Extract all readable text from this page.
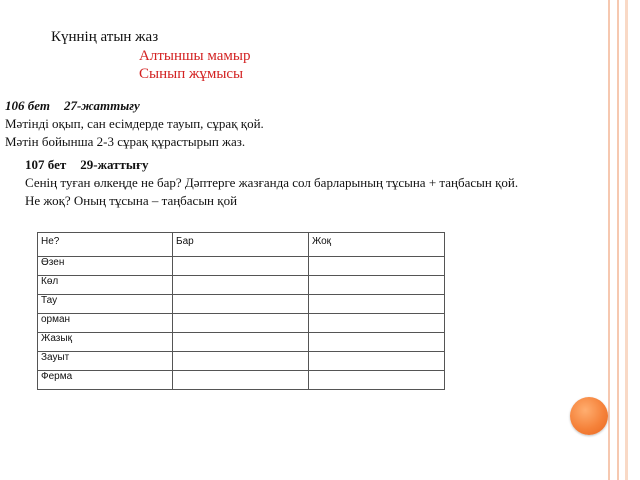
Күннің атын жаз
Алтыншы мамыр
Сынып жұмысы
106 бет 27-жаттығу
Мәтінді оқып, сан есімдерде тауып, сұрақ қой.
Мәтін бойынша 2-3 сұрақ құрастырып жаз.
107 бет 29-жаттығу
Сенің туған өлкеңде не бар? Дәптерге жазғанда сол барларының тұсына + таңбасын қой.
Не жоқ? Оның тұсына – таңбасын қой
Не?	Бар	Жоқ
Өзен		
Көл		
Тау		
орман		
Жазық		
Зауыт		
Ферма		
